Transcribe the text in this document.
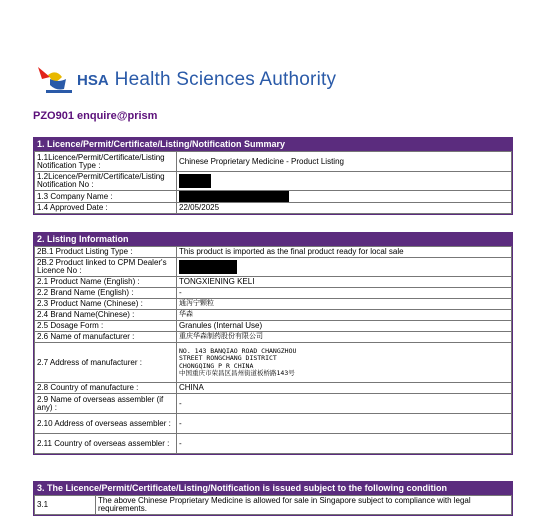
HSA Health Sciences Authority
PZO901 enquire@prism
1. Licence/Permit/Certificate/Listing/Notification Summary
1.1Licence/Permit/Certificate/Listing Notification Type :	Chinese Proprietary Medicine - Product Listing
1.2Licence/Permit/Certificate/Listing Notification No :	
1.3 Company Name :	
1.4 Approved Date :	22/05/2025
2. Listing Information
2B.1 Product Listing Type :	This product is imported as the final product ready for local sale
2B.2 Product linked to CPM Dealer's Licence No :	
2.1 Product Name (English) :	TONGXIENING KELI
2.2 Brand Name (English) :	-
2.3 Product Name (Chinese) :	通泻宁颗粒
2.4 Brand Name(Chinese) :	华森
2.5 Dosage Form :	Granules (Internal Use)
2.6 Name of manufacturer :	重庆华森制药股份有限公司
2.7 Address of manufacturer :	NO. 143 BANQIAO ROAD CHANGZHOU
STREET RONGCHANG DISTRICT
CHONGQING P R CHINA
中国重庆市荣昌区昌州街道板桥路143号

2.8 Country of manufacture :	CHINA
2.9 Name of overseas assembler (if any) :	-
2.10 Address of overseas assembler :	-
2.11 Country of overseas assembler :	-
3. The Licence/Permit/Certificate/Listing/Notification is issued subject to the following condition
3.1	The above Chinese Proprietary Medicine is allowed for sale in Singapore subject to compliance with legal requirements.
